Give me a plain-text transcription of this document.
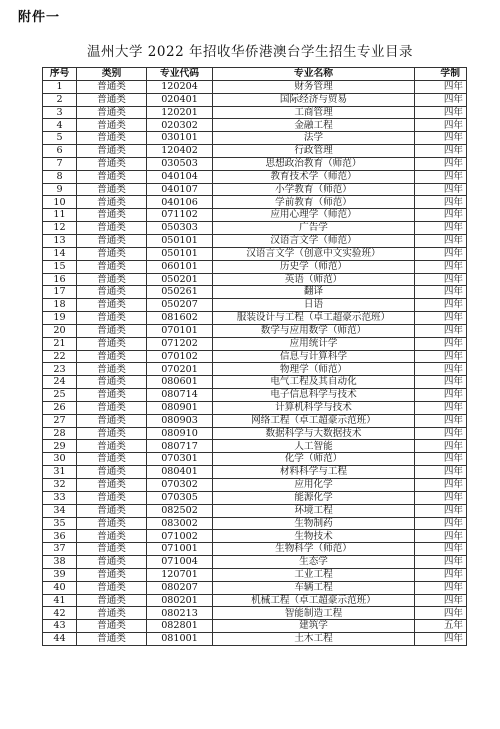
附件一
温州大学 2022 年招收华侨港澳台学生招生专业目录
序号	类别	专业代码	专业名称	学制
1	普通类	120204	财务管理	四年
2	普通类	020401	国际经济与贸易	四年
3	普通类	120201	工商管理	四年
4	普通类	020302	金融工程	四年
5	普通类	030101	法学	四年
6	普通类	120402	行政管理	四年
7	普通类	030503	思想政治教育（师范）	四年
8	普通类	040104	教育技术学（师范）	四年
9	普通类	040107	小学教育（师范）	四年
10	普通类	040106	学前教育（师范）	四年
11	普通类	071102	应用心理学（师范）	四年
12	普通类	050303	广告学	四年
13	普通类	050101	汉语言文学（师范）	四年
14	普通类	050101	汉语言文学（创意中文实验班）	四年
15	普通类	060101	历史学（师范）	四年
16	普通类	050201	英语（师范）	四年
17	普通类	050261	翻译	四年
18	普通类	050207	日语	四年
19	普通类	081602	服装设计与工程（卓工超豪示范班）	四年
20	普通类	070101	数学与应用数学（师范）	四年
21	普通类	071202	应用统计学	四年
22	普通类	070102	信息与计算科学	四年
23	普通类	070201	物理学（师范）	四年
24	普通类	080601	电气工程及其自动化	四年
25	普通类	080714	电子信息科学与技术	四年
26	普通类	080901	计算机科学与技术	四年
27	普通类	080903	网络工程（卓工超豪示范班）	四年
28	普通类	080910	数据科学与大数据技术	四年
29	普通类	080717	人工智能	四年
30	普通类	070301	化学（师范）	四年
31	普通类	080401	材料科学与工程	四年
32	普通类	070302	应用化学	四年
33	普通类	070305	能源化学	四年
34	普通类	082502	环境工程	四年
35	普通类	083002	生物制药	四年
36	普通类	071002	生物技术	四年
37	普通类	071001	生物科学（师范）	四年
38	普通类	071004	生态学	四年
39	普通类	120701	工业工程	四年
40	普通类	080207	车辆工程	四年
41	普通类	080201	机械工程（卓工超豪示范班）	四年
42	普通类	080213	智能制造工程	四年
43	普通类	082801	建筑学	五年
44	普通类	081001	土木工程	四年
